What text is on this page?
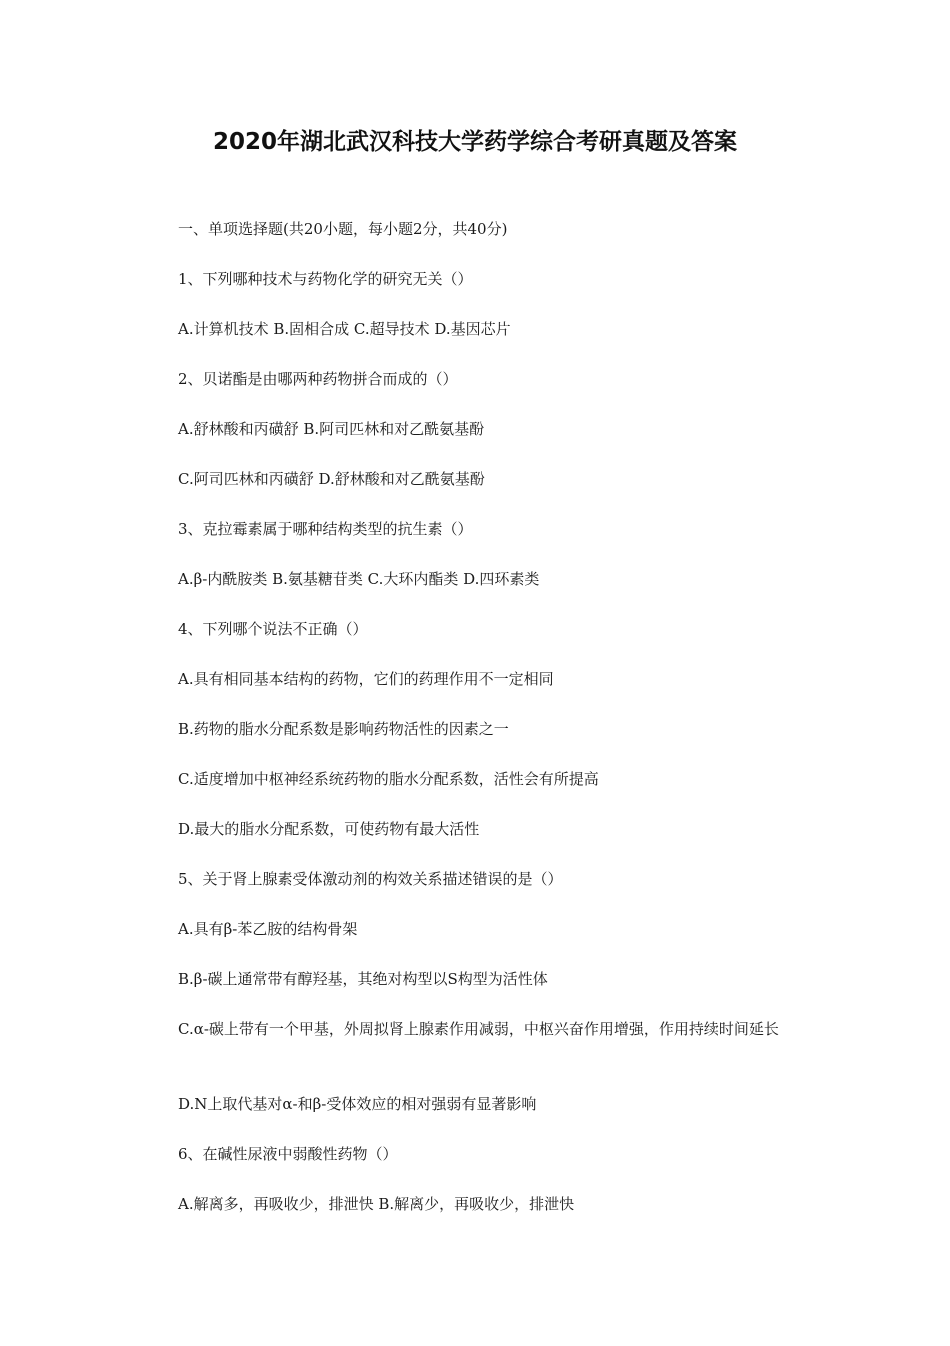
2020年湖北武汉科技大学药学综合考研真题及答案
一、单项选择题(共20小题，每小题2分，共40分)
1、下列哪种技术与药物化学的研究无关（）
A.计算机技术 B.固相合成 C.超导技术 D.基因芯片
2、贝诺酯是由哪两种药物拼合而成的（）
A.舒林酸和丙磺舒 B.阿司匹林和对乙酰氨基酚
C.阿司匹林和丙磺舒 D.舒林酸和对乙酰氨基酚
3、克拉霉素属于哪种结构类型的抗生素（）
A.β-内酰胺类 B.氨基糖苷类 C.大环内酯类 D.四环素类
4、下列哪个说法不正确（）
A.具有相同基本结构的药物，它们的药理作用不一定相同
B.药物的脂水分配系数是影响药物活性的因素之一
C.适度增加中枢神经系统药物的脂水分配系数，活性会有所提高
D.最大的脂水分配系数，可使药物有最大活性
5、关于肾上腺素受体激动剂的构效关系描述错误的是（）
A.具有β-苯乙胺的结构骨架
B.β-碳上通常带有醇羟基，其绝对构型以S构型为活性体
C.α-碳上带有一个甲基，外周拟肾上腺素作用减弱，中枢兴奋作用增强，作用持续时间延长
D.N上取代基对α-和β-受体效应的相对强弱有显著影响
6、在碱性尿液中弱酸性药物（）
A.解离多，再吸收少，排泄快 B.解离少，再吸收少，排泄快
